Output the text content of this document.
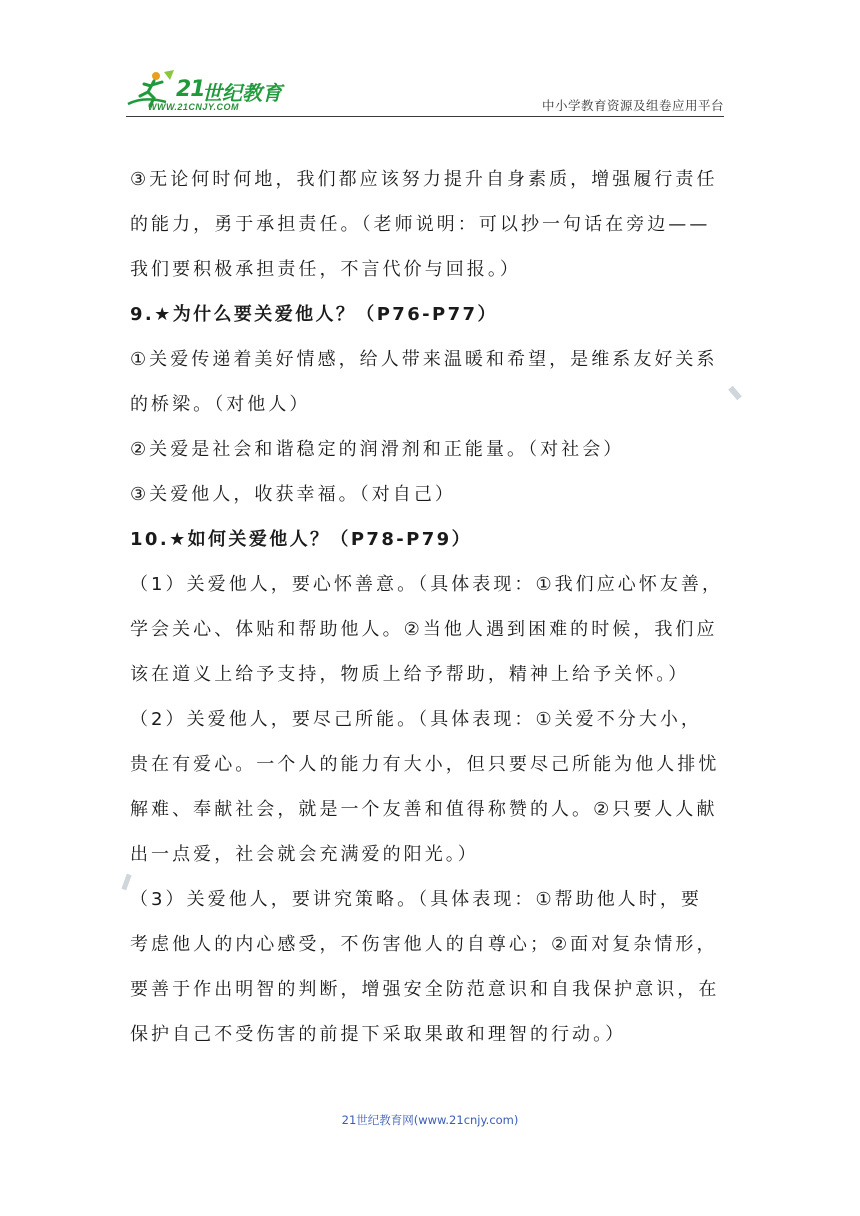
21
世纪教育
WWW.21CNJY.COM	中小学教育资源及组卷应用平台
③无论何时何地，我们都应该努力提升自身素质，增强履行责任
的能力，勇于承担责任。（老师说明：可以抄一句话在旁边——
我们要积极承担责任，不言代价与回报。）
9.★为什么要关爱他人？（P76-P77）
①关爱传递着美好情感，给人带来温暖和希望，是维系友好关系
的桥梁。（对他人）
②关爱是社会和谐稳定的润滑剂和正能量。（对社会）
③关爱他人，收获幸福。（对自己）
10.★如何关爱他人？（P78-P79）
（1）关爱他人，要心怀善意。（具体表现：①我们应心怀友善，
学会关心、体贴和帮助他人。②当他人遇到困难的时候，我们应
该在道义上给予支持，物质上给予帮助，精神上给予关怀。）
（2）关爱他人，要尽己所能。（具体表现：①关爱不分大小，
贵在有爱心。一个人的能力有大小，但只要尽己所能为他人排忧
解难、奉献社会，就是一个友善和值得称赞的人。②只要人人献
出一点爱，社会就会充满爱的阳光。）
（3）关爱他人，要讲究策略。（具体表现：①帮助他人时，要
考虑他人的内心感受，不伤害他人的自尊心；②面对复杂情形，
要善于作出明智的判断，增强安全防范意识和自我保护意识，在
保护自己不受伤害的前提下采取果敢和理智的行动。）
21世纪教育网(www.21cnjy.com)
